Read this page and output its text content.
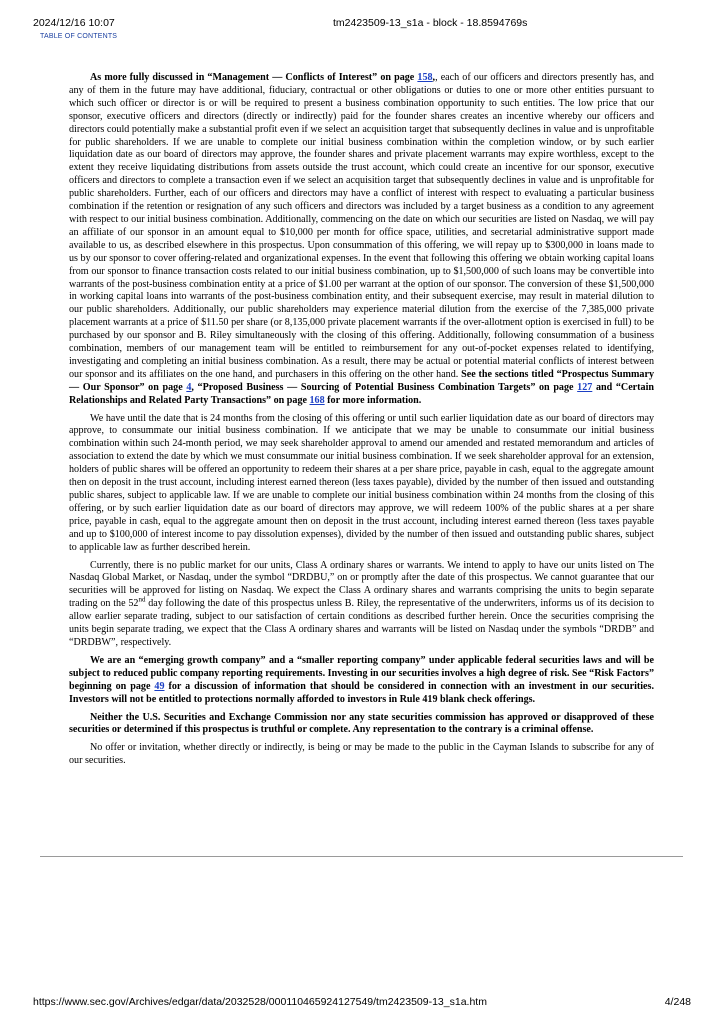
2024/12/16 10:07	tm2423509-13_s1a - block - 18.8594769s
TABLE OF CONTENTS

As more fully discussed in “Management — Conflicts of Interest” on page 158,, each of our officers and directors presently has, and any of them in the future may have additional, fiduciary, contractual or other obligations or duties to one or more other entities pursuant to which such officer or director is or will be required to present a business combination opportunity to such entities. The low price that our sponsor, executive officers and directors (directly or indirectly) paid for the founder shares creates an incentive whereby our officers and directors could potentially make a substantial profit even if we select an acquisition target that subsequently declines in value and is unprofitable for public shareholders. If we are unable to complete our initial business combination within the completion window, or by such earlier liquidation date as our board of directors may approve, the founder shares and private placement warrants may expire worthless, except to the extent they receive liquidating distributions from assets outside the trust account, which could create an incentive for our sponsor, executive officers and directors to complete a transaction even if we select an acquisition target that subsequently declines in value and is unprofitable for public shareholders. Further, each of our officers and directors may have a conflict of interest with respect to evaluating a particular business combination if the retention or resignation of any such officers and directors was included by a target business as a condition to any agreement with respect to our initial business combination. Additionally, commencing on the date on which our securities are listed on Nasdaq, we will pay an affiliate of our sponsor in an amount equal to $10,000 per month for office space, utilities, and secretarial administrative support made available to us, as described elsewhere in this prospectus. Upon consummation of this offering, we will repay up to $300,000 in loans made to us by our sponsor to cover offering-related and organizational expenses. In the event that following this offering we obtain working capital loans from our sponsor to finance transaction costs related to our initial business combination, up to $1,500,000 of such loans may be convertible into warrants of the post-business combination entity at a price of $1.00 per warrant at the option of our sponsor. The conversion of these $1,500,000 in working capital loans into warrants of the post-business combination entity, and their subsequent exercise, may result in material dilution to our public shareholders. Additionally, our public shareholders may experience material dilution from the exercise of the 7,385,000 private placement warrants at a price of $11.50 per share (or 8,135,000 private placement warrants if the over-allotment option is exercised in full) to be purchased by our sponsor and B. Riley simultaneously with the closing of this offering. Additionally, following consummation of a business combination, members of our management team will be entitled to reimbursement for any out-of-pocket expenses related to identifying, investigating and completing an initial business combination. As a result, there may be actual or potential material conflicts of interest between our sponsor and its affiliates on the one hand, and purchasers in this offering on the other hand. See the sections titled “Prospectus Summary — Our Sponsor” on page 4, “Proposed Business — Sourcing of Potential Business Combination Targets” on page 127 and “Certain Relationships and Related Party Transactions” on page 168 for more information.

We have until the date that is 24 months from the closing of this offering or until such earlier liquidation date as our board of directors may approve, to consummate our initial business combination. If we anticipate that we may be unable to consummate our initial business combination within such 24-month period, we may seek shareholder approval to amend our amended and restated memorandum and articles of association to extend the date by which we must consummate our initial business combination. If we seek shareholder approval for an extension, holders of public shares will be offered an opportunity to redeem their shares at a per share price, payable in cash, equal to the aggregate amount then on deposit in the trust account, including interest earned thereon (less taxes payable), divided by the number of then issued and outstanding public shares, subject to applicable law. If we are unable to complete our initial business combination within 24 months from the closing of this offering, or by such earlier liquidation date as our board of directors may approve, we will redeem 100% of the public shares at a per share price, payable in cash, equal to the aggregate amount then on deposit in the trust account, including interest earned thereon (less taxes payable and up to $100,000 of interest income to pay dissolution expenses), divided by the number of then issued and outstanding public shares, subject to applicable law as further described herein.

Currently, there is no public market for our units, Class A ordinary shares or warrants. We intend to apply to have our units listed on The Nasdaq Global Market, or Nasdaq, under the symbol “DRDBU,” on or promptly after the date of this prospectus. We cannot guarantee that our securities will be approved for listing on Nasdaq. We expect the Class A ordinary shares and warrants comprising the units to begin separate trading on the 52nd day following the date of this prospectus unless B. Riley, the representative of the underwriters, informs us of its decision to allow earlier separate trading, subject to our satisfaction of certain conditions as described further herein. Once the securities comprising the units begin separate trading, we expect that the Class A ordinary shares and warrants will be listed on Nasdaq under the symbols “DRDB” and “DRDBW”, respectively.

We are an “emerging growth company” and a “smaller reporting company” under applicable federal securities laws and will be subject to reduced public company reporting requirements. Investing in our securities involves a high degree of risk. See “Risk Factors” beginning on page 49 for a discussion of information that should be considered in connection with an investment in our securities. Investors will not be entitled to protections normally afforded to investors in Rule 419 blank check offerings.

Neither the U.S. Securities and Exchange Commission nor any state securities commission has approved or disapproved of these securities or determined if this prospectus is truthful or complete. Any representation to the contrary is a criminal offense.

No offer or invitation, whether directly or indirectly, is being or may be made to the public in the Cayman Islands to subscribe for any of our securities.

https://www.sec.gov/Archives/edgar/data/2032528/000110465924127549/tm2423509-13_s1a.htm	4/248
